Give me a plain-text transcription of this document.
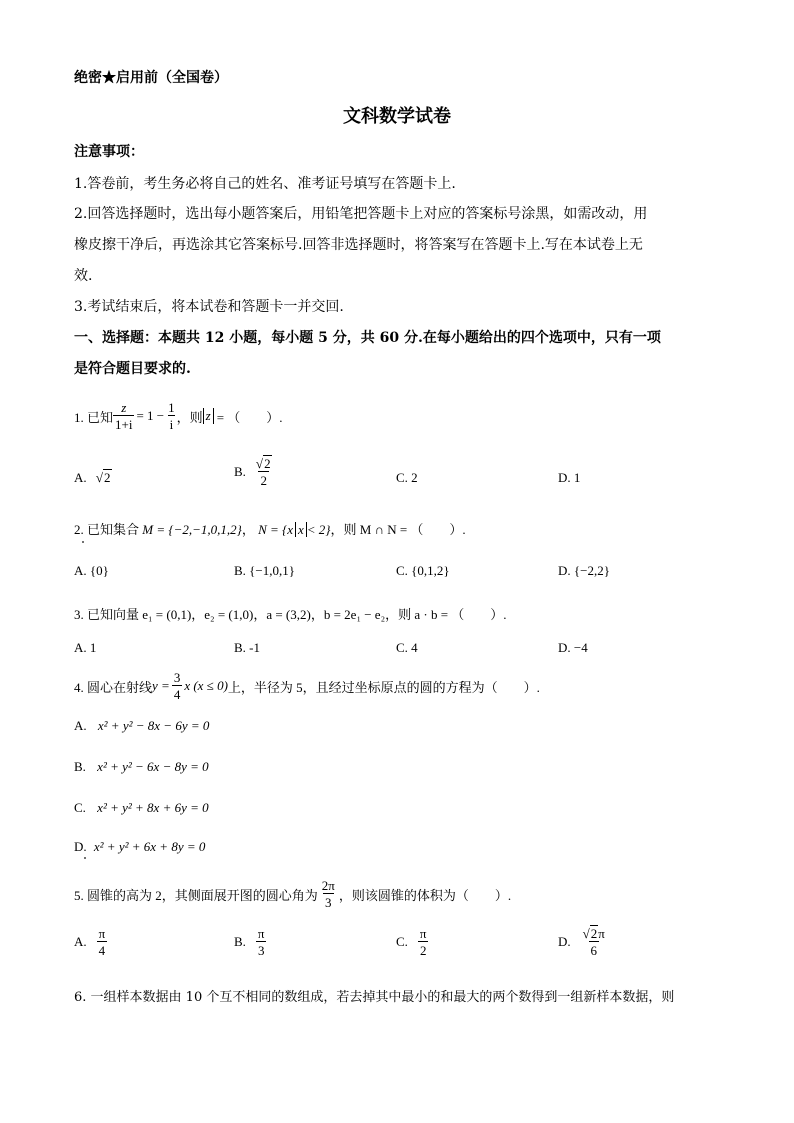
绝密★启用前（全国卷）
文科数学试卷
注意事项：
1.答卷前，考生务必将自己的姓名、准考证号填写在答题卡上.
2.回答选择题时，选出每小题答案后，用铅笔把答题卡上对应的答案标号涂黑，如需改动，用
橡皮擦干净后，再选涂其它答案标号.回答非选择题时，将答案写在答题卡上.写在本试卷上无
效.
3.考试结束后，将本试卷和答题卡一并交回.
一、选择题：本题共 12 小题，每小题 5 分，共 60 分.在每小题给出的四个选项中，只有一项
是符合题目要求的.
1. 已知 $\frac{z}{1+i} = 1 - \frac{1}{i}$ ，则 z = （　　）.
A. √2	B. $\frac{√2}{2}$	C. 2	D. 1
2. 已知集合 M = {−2,−1,0,1,2}， N = {x x < 2}，则 M ∩ N = （　　）.
A. {0}	B. {−1,0,1}	C. {0,1,2}	D. {−2,2}
3. 已知向量 e₁ = (0,1)，e₂ = (1,0)，a = (3,2)，b = 2e₁ − e₂，则 a · b = （　　）.
A. 1	B. -1	C. 4	D. −4
4. 圆心在射线 $y = \frac{3}{4}$ x (x ≤ 0) 上，半径为 5，且经过坐标原点的圆的方程为（　　）.
A. x² + y² − 8x − 6y = 0
B. x² + y² − 6x − 8y = 0
C. x² + y² + 8x + 6y = 0
D. x² + y² + 6x + 8y = 0
5. 圆锥的高为 2，其侧面展开图的圆心角为 $\frac{2\pi}{3}$ ，则该圆锥的体积为（　　）.
A. $\frac{\pi}{4}$	B. $\frac{\pi}{3}$	C. $\frac{\pi}{2}$	D. $\frac{√2\pi}{6}$
6. 一组样本数据由 10 个互不相同的数组成，若去掉其中最小的和最大的两个数得到一组新样本数据，则
